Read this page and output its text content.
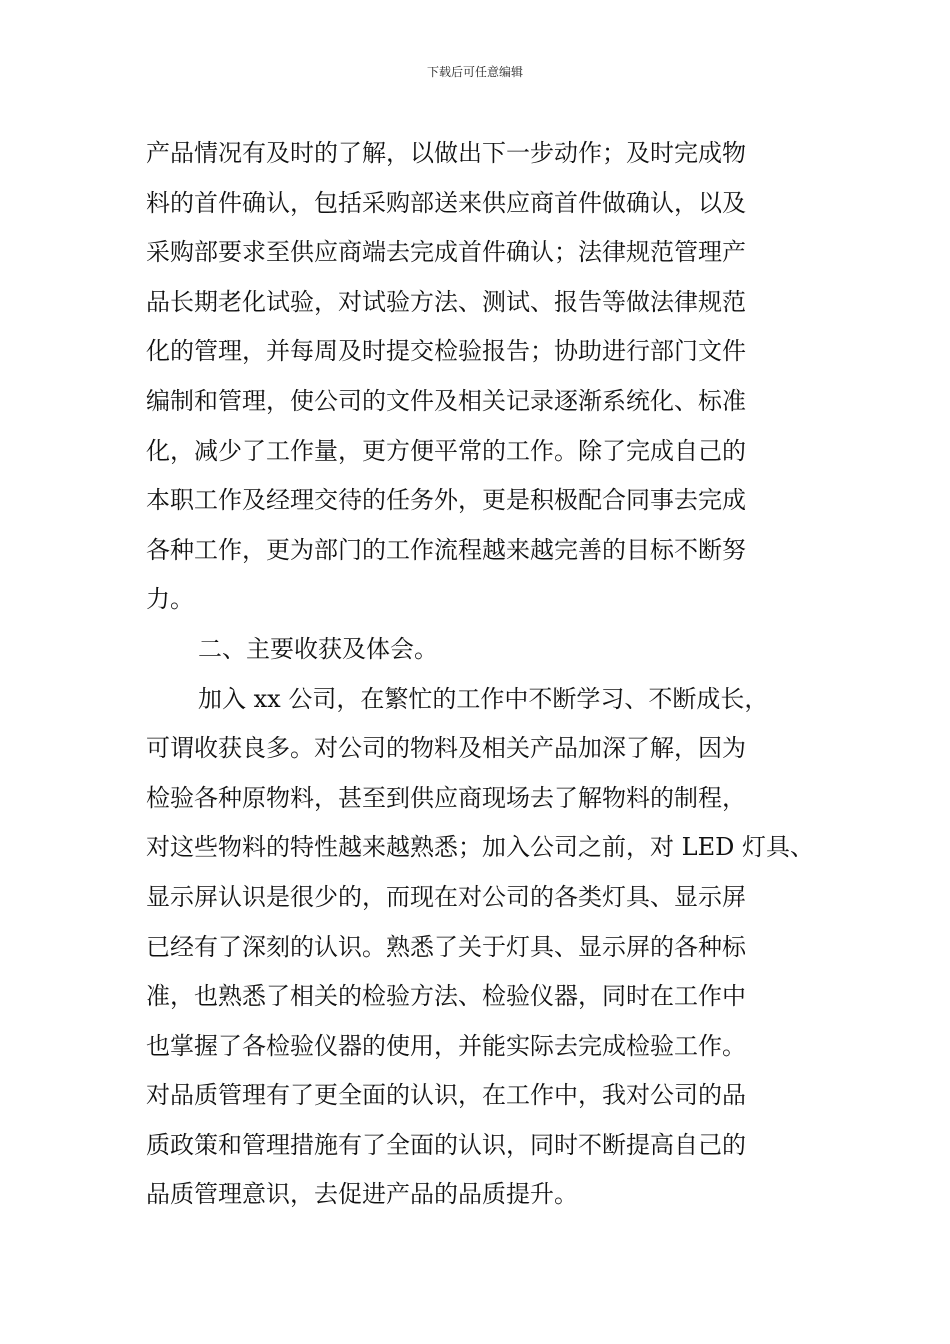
下载后可任意编辑
产品情况有及时的了解，以做出下一步动作；及时完成物
料的首件确认，包括采购部送来供应商首件做确认，以及
采购部要求至供应商端去完成首件确认；法律规范管理产
品长期老化试验，对试验方法、测试、报告等做法律规范
化的管理，并每周及时提交检验报告；协助进行部门文件
编制和管理，使公司的文件及相关记录逐渐系统化、标准
化，减少了工作量，更方便平常的工作。除了完成自己的
本职工作及经理交待的任务外，更是积极配合同事去完成
各种工作，更为部门的工作流程越来越完善的目标不断努
力。
二、主要收获及体会。
加入 xx 公司，在繁忙的工作中不断学习、不断成长，
可谓收获良多。对公司的物料及相关产品加深了解，因为
检验各种原物料，甚至到供应商现场去了解物料的制程，
对这些物料的特性越来越熟悉；加入公司之前，对 LED 灯具、
显示屏认识是很少的，而现在对公司的各类灯具、显示屏
已经有了深刻的认识。熟悉了关于灯具、显示屏的各种标
准，也熟悉了相关的检验方法、检验仪器，同时在工作中
也掌握了各检验仪器的使用，并能实际去完成检验工作。
对品质管理有了更全面的认识，在工作中，我对公司的品
质政策和管理措施有了全面的认识，同时不断提高自己的
品质管理意识，去促进产品的品质提升。
